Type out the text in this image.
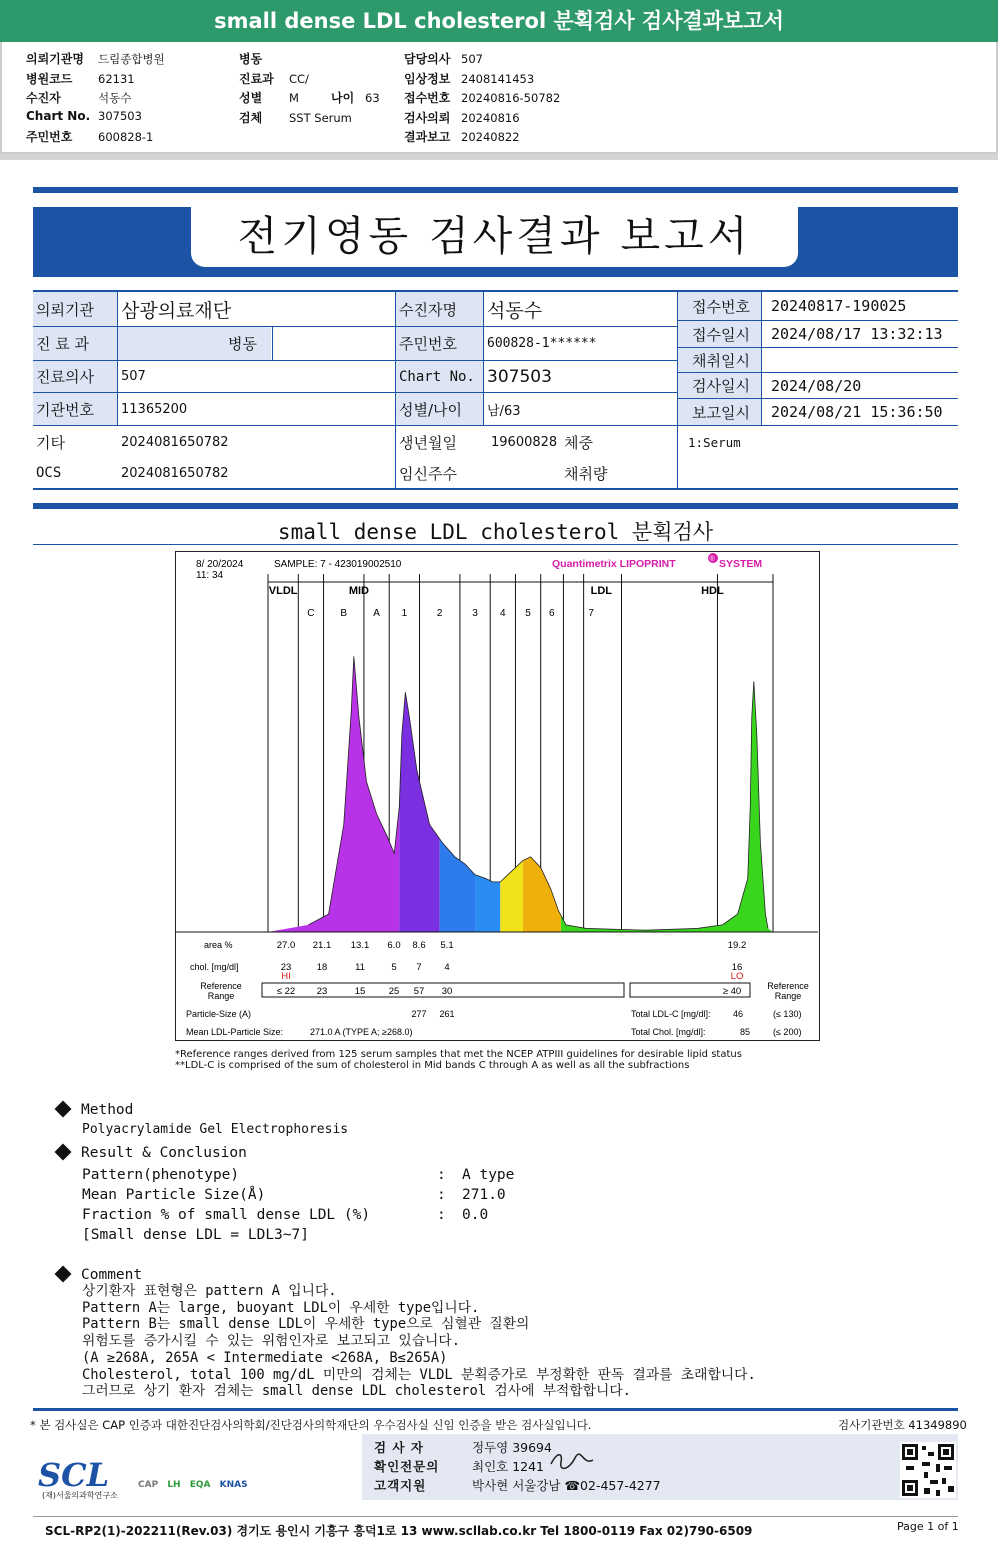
small dense LDL cholesterol 분획검사 검사결과보고서
의뢰기관명 드림종합병원
병원코드 62131
수진자	석동수
Chart No. 307503
주민번호 600828-1
병동
진료과 CC/
성별 M	나이 63
검체 SST Serum
담당의사 507
임상정보 2408141453
접수번호 20240816-50782
검사의뢰 20240816
결과보고 20240822
전기영동 검사결과 보고서
의뢰기관	삼광의료재단	수진자명	석동수
진 료 과	병동	주민번호	600828-1******
진료의사	507	Chart No. 307503
기관번호	11365200	성별/나이	남/63
기타	2024081650782	생년월일	19600828 체중
OCS	2024081650782	임신주수	채취량
접수번호	20240817-190025
접수일시	2024/08/17 13:32:13
채취일시
검사일시	2024/08/20
보고일시	2024/08/21 15:36:50
1:Serum
small dense LDL cholesterol 분획검사
8/ 20/2024
11: 34
SAMPLE: 7 - 423019002510	Quantimetrix LIPOPRINT	® SYSTEM
VLDL	MID	LDL	HDL
C	B	A 1	2	3 4 5 6	7
area %	27.0 21.1 13.1 6.0 8.6 5.1	19.2
chol. [mg/dl]	23	18	11	5 7 4	16
HI	LO
Reference
Range
Reference
Range
≤ 22 23	15 25 57 30	≥ 40
Particle-Size (A)	277 261
Mean LDL-Particle Size:	271.0 A (TYPE A; ≥268.0)
Total LDL-C [mg/dl]: 46	(≤ 130)
Total Chol. [mg/dl]:	85	(≤ 200)
*Reference ranges derived from 125 serum samples that met the NCEP ATPIII guidelines for desirable lipid status
**LDL-C is comprised of the sum of cholesterol in Mid bands C through A as well as all the subfractions
Method
Polyacrylamide Gel Electrophoresis
Result & Conclusion
Pattern(phenotype)	: A type
Mean Particle Size(Å)	: 271.0
Fraction % of small dense LDL (%)	: 0.0
[Small dense LDL = LDL3~7]
Comment
상기환자 표현형은 pattern A 입니다.
Pattern A는 large, buoyant LDL이 우세한 type입니다.
Pattern B는 small dense LDL이 우세한 type으로 심혈관 질환의
위험도를 증가시킬 수 있는 위험인자로 보고되고 있습니다.
(A ≥268A, 265A < Intermediate <268A, B≤265A)
Cholesterol, total 100 mg/dL 미만의 검체는 VLDL 분획증가로 부정확한 판독 결과를 초래합니다.
그러므로 상기 환자 검체는 small dense LDL cholesterol 검사에 부적합합니다.
* 본 검사실은 CAP 인증과 대한진단검사의학회/진단검사의학재단의 우수검사실 신임 인증을 받은 검사실입니다.	검사기관번호 41349890
검 사 자	정두영 39694
확인전문의	최인호 1241
고객지원	박사현 서울강남 ☎02-457-4277
SCL
(재)서울의과학연구소
CAP LH EQA KNAS
SCL-RP2(1)-202211(Rev.03) 경기도 용인시 기흥구 흥덕1로 13 www.scllab.co.kr Tel 1800-0119 Fax 02)790-6509	Page 1 of 1
